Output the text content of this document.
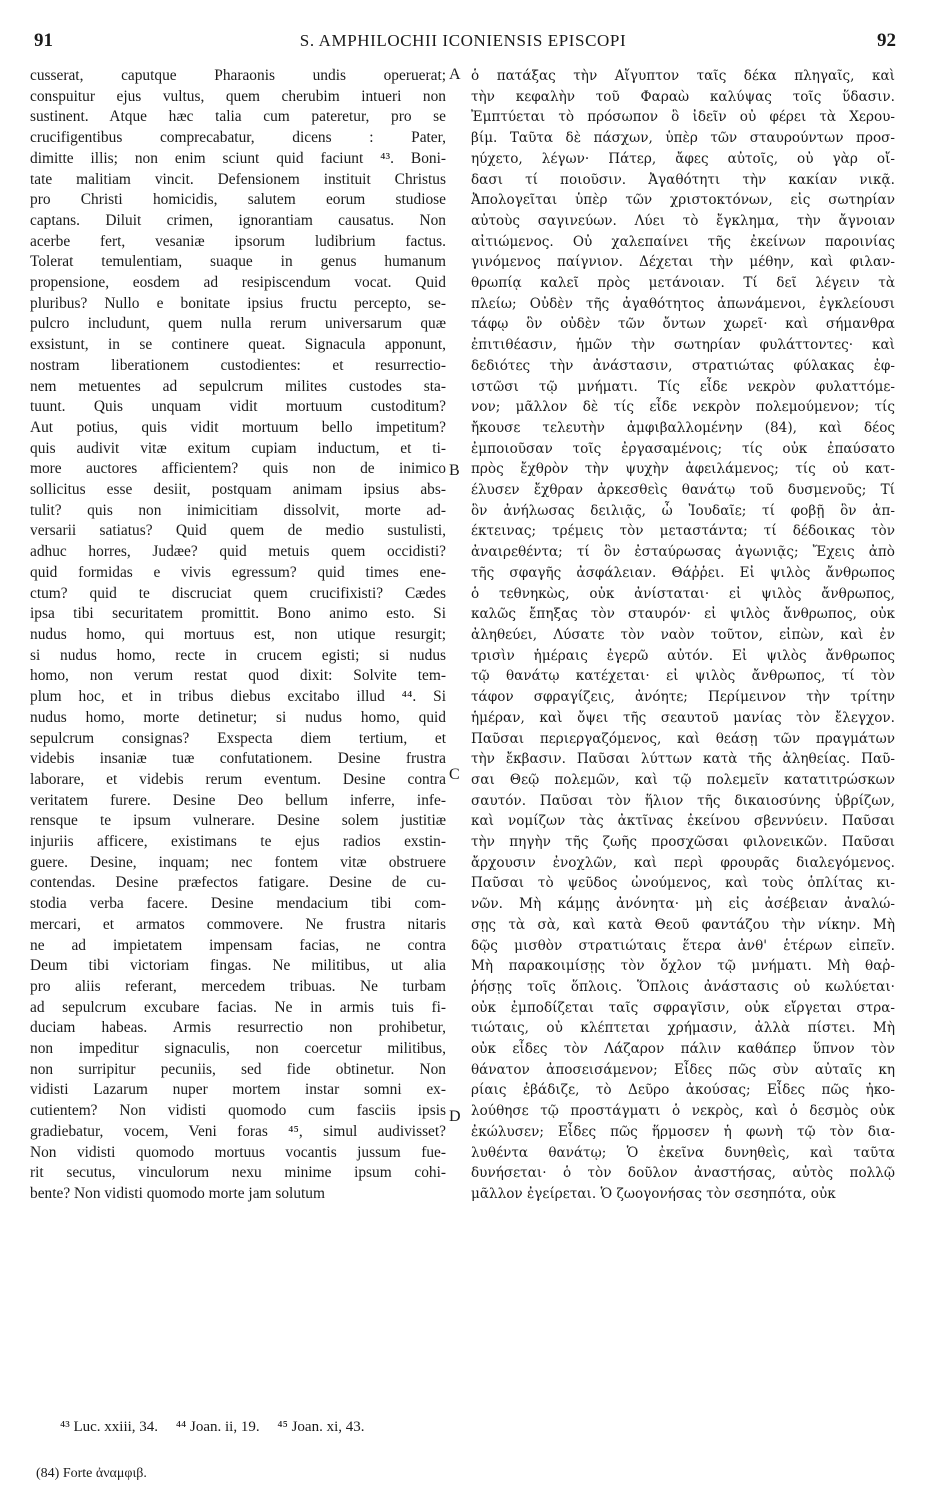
91	S. AMPHILOCHII ICONIENSIS EPISCOPI	92
cusserat, caputque Pharaonis undis operuerat;
conspuitur ejus vultus, quem cherubim intueri non
sustinent. Atque hæc talia cum pateretur, pro se
crucifigentibus comprecabatur, dicens : Pater,
dimitte illis; non enim sciunt quid faciunt ⁴³. Boni-
tate malitiam vincit. Defensionem instituit Christus
pro Christi homicidis, salutem eorum studiose
captans. Diluit crimen, ignorantiam causatus. Non
acerbe fert, vesaniæ ipsorum ludibrium factus.
Tolerat temulentiam, suaque in genus humanum
propensione, eosdem ad resipiscendum vocat. Quid
pluribus? Nullo e bonitate ipsius fructu percepto, se-
pulcro includunt, quem nulla rerum universarum quæ
exsistunt, in se continere queat. Signacula apponunt,
nostram liberationem custodientes: et resurrectio-
nem metuentes ad sepulcrum milites custodes sta-
tuunt. Quis unquam vidit mortuum custoditum?
Aut potius, quis vidit mortuum bello impetitum?
quis audivit vitæ exitum cupiam inductum, et ti-
more auctores afficientem? quis non de inimico
sollicitus esse desiit, postquam animam ipsius abs-
tulit? quis non inimicitiam dissolvit, morte ad-
versarii satiatus? Quid quem de medio sustulisti,
adhuc horres, Judæe? quid metuis quem occidisti?
quid formidas e vivis egressum? quid times ene-
ctum? quid te discruciat quem crucifixisti? Cædes
ipsa tibi securitatem promittit. Bono animo esto. Si
nudus homo, qui mortuus est, non utique resurgit;
si nudus homo, recte in crucem egisti; si nudus
homo, non verum restat quod dixit: Solvite tem-
plum hoc, et in tribus diebus excitabo illud ⁴⁴. Si
nudus homo, morte detinetur; si nudus homo, quid
sepulcrum consignas? Exspecta diem tertium, et
videbis insaniæ tuæ confutationem. Desine frustra
laborare, et videbis rerum eventum. Desine contra
veritatem furere. Desine Deo bellum inferre, infe-
rensque te ipsum vulnerare. Desine solem justitiæ
injuriis afficere, existimans te ejus radios exstin-
guere. Desine, inquam; nec fontem vitæ obstruere
contendas. Desine præfectos fatigare. Desine de cu-
stodia verba facere. Desine mendacium tibi com-
mercari, et armatos commovere. Ne frustra nitaris
ne ad impietatem impensam facias, ne contra
Deum tibi victoriam fingas. Ne militibus, ut alia
pro aliis referant, mercedem tribuas. Ne turbam
ad sepulcrum excubare facias. Ne in armis tuis fi-
duciam habeas. Armis resurrectio non prohibetur,
non impeditur signaculis, non coercetur militibus,
non surripitur pecuniis, sed fide obtinetur. Non
vidisti Lazarum nuper mortem instar somni ex-
cutientem? Non vidisti quomodo cum fasciis ipsis
gradiebatur, vocem, Veni foras ⁴⁵, simul audivisset?
Non vidisti quomodo mortuus vocantis jussum fue-
rit secutus, vinculorum nexu minime ipsum cohi-
bente? Non vidisti quomodo morte jam solutum
A
B
C
D
ὁ πατάξας τὴν Αἴγυπτον ταῖς δέκα πληγαῖς, καὶ
τὴν κεφαλὴν τοῦ Φαραὼ καλύψας τοῖς ὕδασιν.
Ἐμπτύεται τὸ πρόσωπον ὃ ἰδεῖν οὐ φέρει τὰ Χερου-
βίμ. Ταῦτα δὲ πάσχων, ὑπὲρ τῶν σταυρούντων προσ-
ηύχετο, λέγων· Πάτερ, ἄφες αὐτοῖς, οὐ γὰρ οἴ-
δασι τί ποιοῦσιν. Ἀγαθότητι τὴν κακίαν νικᾷ.
Ἀπολογεῖται ὑπὲρ τῶν χριστοκτόνων, εἰς σωτηρίαν
αὐτοὺς σαγινεύων. Λύει τὸ ἔγκλημα, τὴν ἄγνοιαν
αἰτιώμενος. Οὐ χαλεπαίνει τῆς ἐκείνων παροινίας
γινόμενος παίγνιον. Δέχεται τὴν μέθην, καὶ φιλαν-
θρωπίᾳ καλεῖ πρὸς μετάνοιαν. Τί δεῖ λέγειν τὰ
πλείω; Οὐδὲν τῆς ἀγαθότητος ἀπωνάμενοι, ἐγκλείουσι
τάφῳ ὃν οὐδὲν τῶν ὄντων χωρεῖ· καὶ σήμανθρα
ἐπιτιθέασιν, ἡμῶν τὴν σωτηρίαν φυλάττοντες· καὶ
δεδιότες τὴν ἀνάστασιν, στρατιώτας φύλακας ἐφ-
ιστῶσι τῷ μνήματι. Τίς εἶδε νεκρὸν φυλαττόμε-
νον; μᾶλλον δὲ τίς εἶδε νεκρὸν πολεμούμενον; τίς
ἤκουσε τελευτὴν ἀμφιβαλλομένην (84), καὶ δέος
ἐμποιοῦσαν τοῖς ἐργασαμένοις; τίς οὐκ ἐπαύσατο
πρὸς ἔχθρὸν τὴν ψυχὴν ἀφειλάμενος; τίς οὐ κατ-
έλυσεν ἔχθραν ἀρκεσθεὶς θανάτῳ τοῦ δυσμενοῦς; Τί
ὃν ἀνήλωσας δειλιᾷς, ὦ Ἰουδαῖε; τί φοβῇ ὃν ἀπ-
έκτεινας; τρέμεις τὸν μεταστάντα; τί δέδοικας τὸν
ἀναιρεθέντα; τί ὃν ἐσταύρωσας ἀγωνιᾷς; Ἔχεις ἀπὸ
τῆς σφαγῆς ἀσφάλειαν. Θάῤῥει. Εἰ ψιλὸς ἄνθρωπος
ὁ τεθνηκὼς, οὐκ ἀνίσταται· εἰ ψιλὸς ἄνθρωπος,
καλῶς ἔπηξας τὸν σταυρόν· εἰ ψιλὸς ἄνθρωπος, οὐκ
ἀληθεύει, Λύσατε τὸν ναὸν τοῦτον, εἰπὼν, καὶ ἐν
τρισὶν ἡμέραις ἐγερῶ αὐτόν. Εἰ ψιλὸς ἄνθρωπος
τῷ θανάτῳ κατέχεται· εἰ ψιλὸς ἄνθρωπος, τί τὸν
τάφον σφραγίζεις, ἀνόητε; Περίμεινον τὴν τρίτην
ἡμέραν, καὶ ὄψει τῆς σεαυτοῦ μανίας τὸν ἔλεγχον.
Παῦσαι περιεργαζόμενος, καὶ θεάσῃ τῶν πραγμάτων
τὴν ἔκβασιν. Παῦσαι λύττων κατὰ τῆς ἀληθείας. Παῦ-
σαι Θεῷ πολεμῶν, καὶ τῷ πολεμεῖν κατατιτρώσκων
σαυτόν. Παῦσαι τὸν ἥλιον τῆς δικαιοσύνης ὑβρίζων,
καὶ νομίζων τὰς ἀκτῖνας ἐκείνου σβεννύειν. Παῦσαι
τὴν πηγὴν τῆς ζωῆς προσχῶσαι φιλονεικῶν. Παῦσαι
ἄρχουσιν ἐνοχλῶν, καὶ περὶ φρουρᾶς διαλεγόμενος.
Παῦσαι τὸ ψεῦδος ὠνούμενος, καὶ τοὺς ὁπλίτας κι-
νῶν. Μὴ κάμῃς ἀνόνητα· μὴ εἰς ἀσέβειαν ἀναλώ-
σῃς τὰ σὰ, καὶ κατὰ Θεοῦ φαντάζου τὴν νίκην. Μὴ
δῷς μισθὸν στρατιώταις ἕτερα ἀνθ' ἑτέρων εἰπεῖν.
Μὴ παρακοιμίσῃς τὸν ὄχλον τῷ μνήματι. Μὴ θαῤ-
ῥήσῃς τοῖς ὅπλοις. Ὅπλοις ἀνάστασις οὐ κωλύεται·
οὐκ ἐμποδίζεται ταῖς σφραγῖσιν, οὐκ εἴργεται στρα-
τιώταις, οὐ κλέπτεται χρήμασιν, ἀλλὰ πίστει. Μὴ
οὐκ εἶδες τὸν Λάζαρον πάλιν καθάπερ ὕπνον τὸν
θάνατον ἀποσεισάμενον; Εἶδες πῶς σὺν αὐταῖς κη
ρίαις ἐβάδιζε, τὸ Δεῦρο ἀκούσας; Εἶδες πῶς ἠκο-
λούθησε τῷ προστάγματι ὁ νεκρὸς, καὶ ὁ δεσμὸς οὐκ
ἐκώλυσεν; Εἶδες πῶς ἥρμοσεν ἡ φωνὴ τῷ τὸν δια-
λυθέντα θανάτῳ; Ὁ ἐκεῖνα δυνηθεὶς, καὶ ταῦτα
δυνήσεται· ὁ τὸν δοῦλον ἀναστήσας, αὐτὸς πολλῷ
μᾶλλον ἐγείρεται. Ὁ ζωογονήσας τὸν σεσηπότα, οὐκ
⁴³ Luc. xxiii, 34. ⁴⁴ Joan. ii, 19. ⁴⁵ Joan. xi, 43.
(84) Forte ἀναμφιβ.
